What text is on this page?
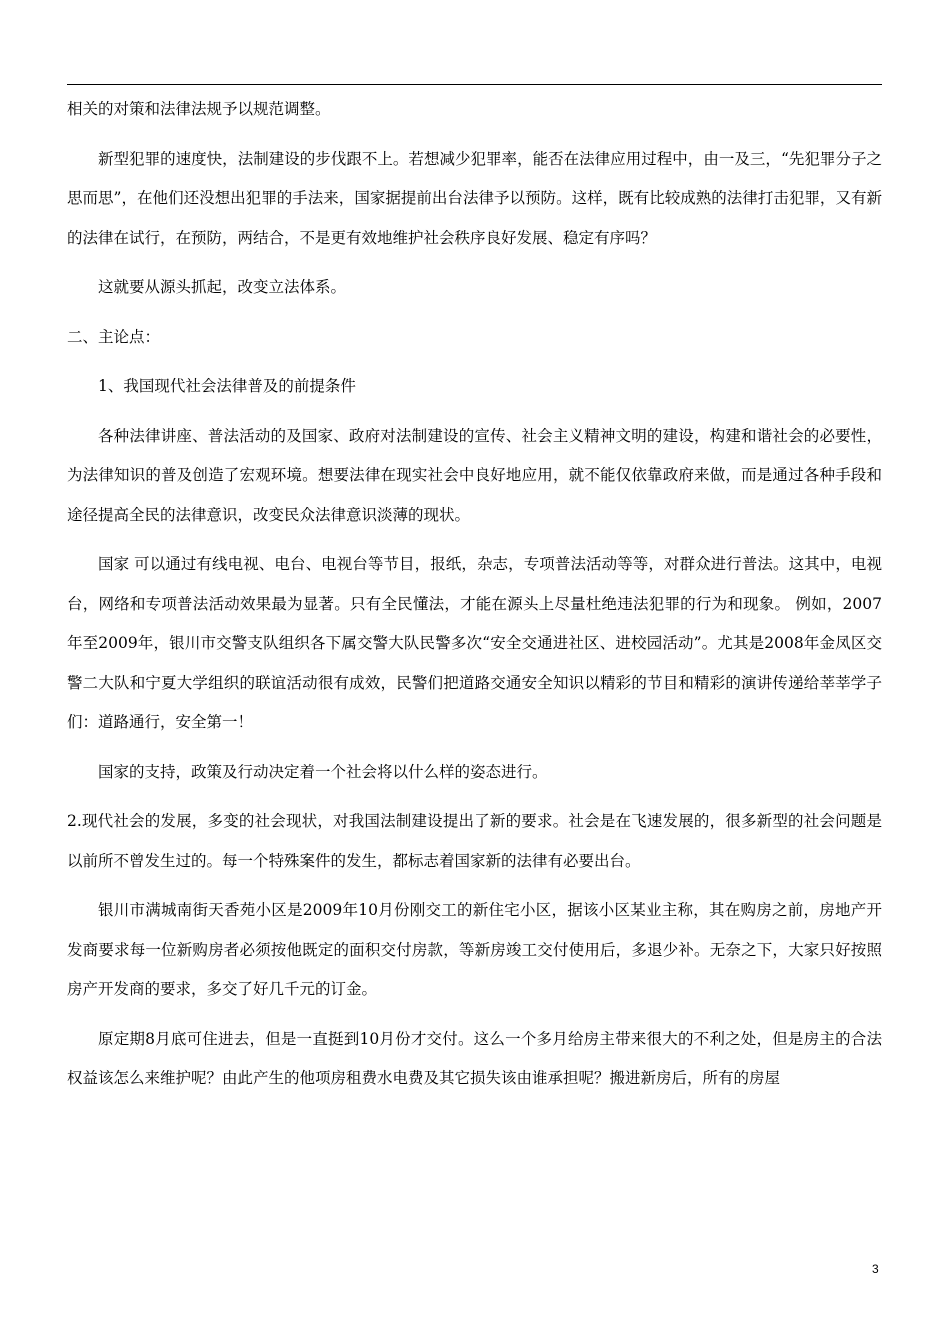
相关的对策和法律法规予以规范调整。

新型犯罪的速度快，法制建设的步伐跟不上。若想减少犯罪率，能否在法律应用过程中，由一及三，“先犯罪分子之思而思”，在他们还没想出犯罪的手法来，国家据提前出台法律予以预防。这样，既有比较成熟的法律打击犯罪，又有新的法律在试行，在预防，两结合，不是更有效地维护社会秩序良好发展、稳定有序吗？

这就要从源头抓起，改变立法体系。

二、主论点：

1、我国现代社会法律普及的前提条件

各种法律讲座、普法活动的及国家、政府对法制建设的宣传、社会主义精神文明的建设，构建和谐社会的必要性，为法律知识的普及创造了宏观环境。想要法律在现实社会中良好地应用，就不能仅依靠政府来做，而是通过各种手段和途径提高全民的法律意识，改变民众法律意识淡薄的现状。

国家 可以通过有线电视、电台、电视台等节目，报纸，杂志，专项普法活动等等，对群众进行普法。这其中，电视台，网络和专项普法活动效果最为显著。只有全民懂法，才能在源头上尽量杜绝违法犯罪的行为和现象。 例如，2007年至2009年，银川市交警支队组织各下属交警大队民警多次“安全交通进社区、进校园活动”。尤其是2008年金凤区交警二大队和宁夏大学组织的联谊活动很有成效，民警们把道路交通安全知识以精彩的节目和精彩的演讲传递给莘莘学子们：道路通行，安全第一！

国家的支持，政策及行动决定着一个社会将以什么样的姿态进行。

2.现代社会的发展，多变的社会现状，对我国法制建设提出了新的要求。社会是在飞速发展的，很多新型的社会问题是以前所不曾发生过的。每一个特殊案件的发生，都标志着国家新的法律有必要出台。

银川市满城南街天香苑小区是2009年10月份刚交工的新住宅小区，据该小区某业主称，其在购房之前，房地产开发商要求每一位新购房者必须按他既定的面积交付房款，等新房竣工交付使用后，多退少补。无奈之下，大家只好按照房产开发商的要求，多交了好几千元的订金。

原定期8月底可住进去，但是一直挺到10月份才交付。这么一个多月给房主带来很大的不利之处，但是房主的合法权益该怎么来维护呢？由此产生的他项房租费水电费及其它损失该由谁承担呢？搬进新房后，所有的房屋

3
